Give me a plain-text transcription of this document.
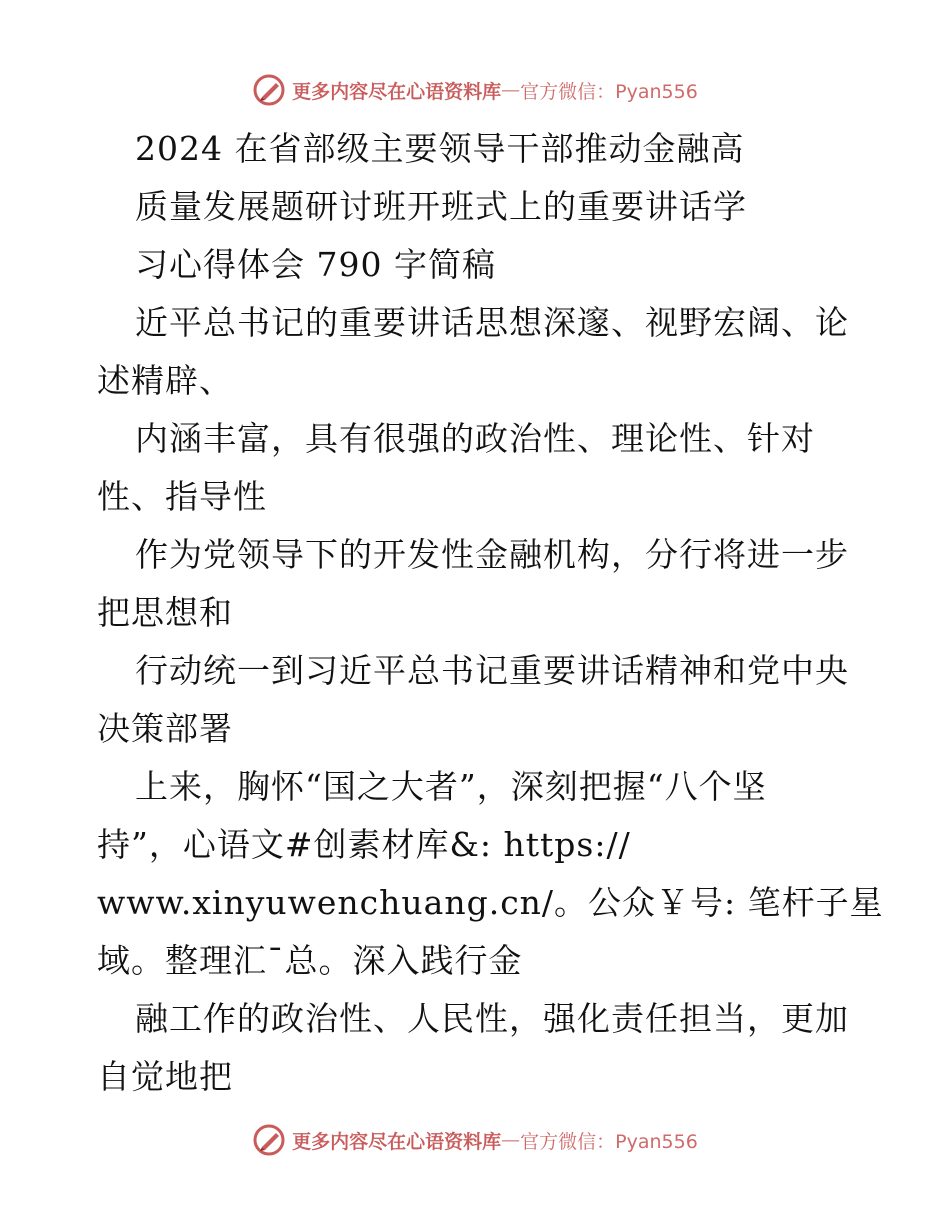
更多内容尽在心语资料库 — 官方微信：Pyan556
2024 在省部级主要领导干部推动金融高
质量发展题研讨班开班式上的重要讲话学
习心得体会 790 字简稿
近平总书记的重要讲话思想深邃、视野宏阔、论
述精辟、
内涵丰富，具有很强的政治性、理论性、针对
性、指导性
作为党领导下的开发性金融机构，分行将进一步
把思想和
行动统一到习近平总书记重要讲话精神和党中央
决策部署
上来，胸怀“国之大者”，深刻把握“八个坚
持”，心语文#创素材库&: https://
www.xinyuwenchuang.cn/。公众￥号: 笔杆子星
域。整理汇¯总。深入践行金
融工作的政治性、人民性，强化责任担当，更加
自觉地把
更多内容尽在心语资料库 — 官方微信：Pyan556
